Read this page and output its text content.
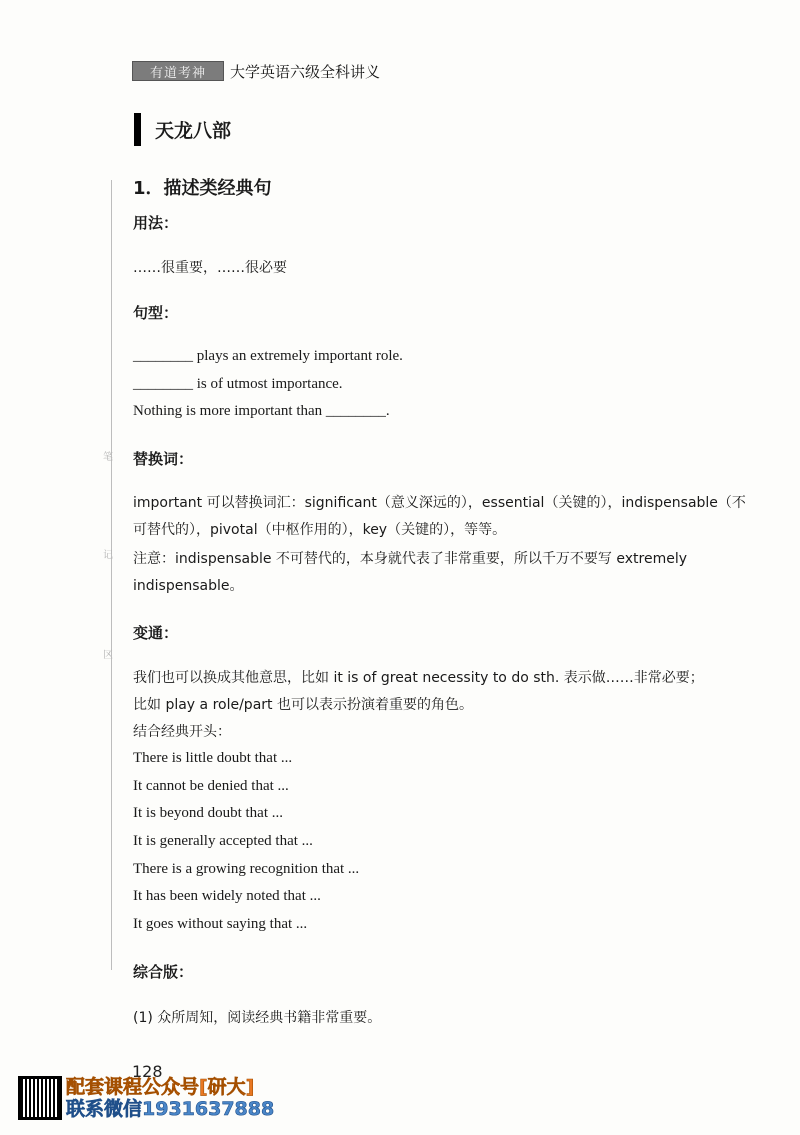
有道考神	大学英语六级全科讲义
天龙八部
笔
记
区
1．描述类经典句
用法：
……很重要，……很必要
句型：
________ plays an extremely important role.
________ is of utmost importance.
Nothing is more important than ________.
替换词：
important 可以替换词汇：significant（意义深远的），essential（关键的），indispensable（不可替代的），pivotal（中枢作用的），key（关键的），等等。
注意：indispensable 不可替代的，本身就代表了非常重要，所以千万不要写 extremely indispensable。
变通：
我们也可以换成其他意思，比如 it is of great necessity to do sth. 表示做……非常必要；
比如 play a role/part 也可以表示扮演着重要的角色。
结合经典开头：
There is little doubt that ...
It cannot be denied that ...
It is beyond doubt that ...
It is generally accepted that ...
There is a growing recognition that ...
It has been widely noted that ...
It goes without saying that ...
综合版：
(1) 众所周知，阅读经典书籍非常重要。
128
配套课程公众号[研大]
联系微信1931637888
